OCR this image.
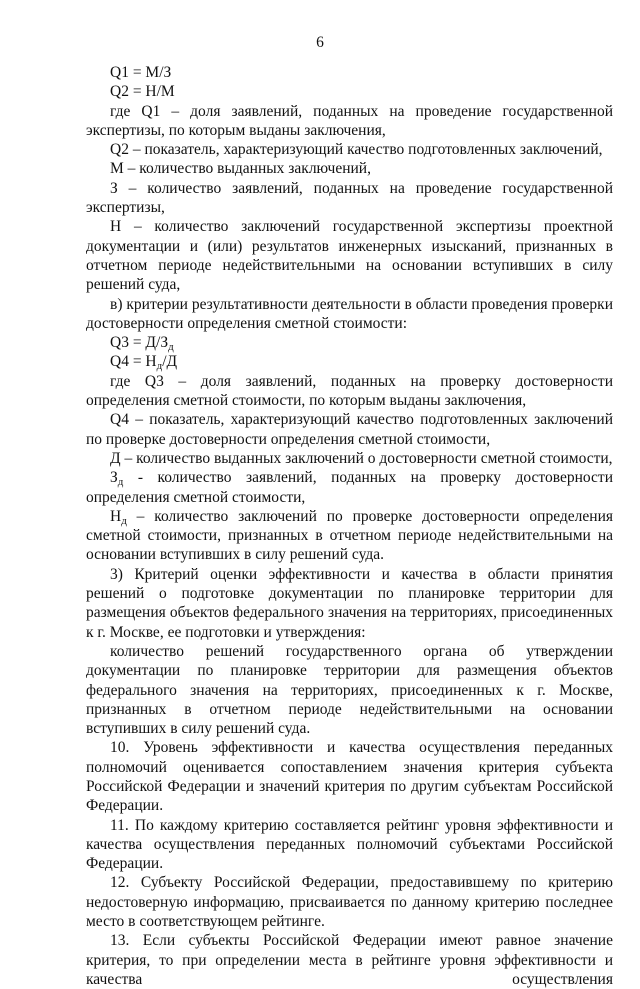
6

Q1 = М/З

Q2 = Н/М

где Q1 – доля заявлений, поданных на проведение государственной экспертизы, по которым выданы заключения,

Q2 – показатель, характеризующий качество подготовленных заключений,

М – количество выданных заключений,

З – количество заявлений, поданных на проведение государственной экспертизы,

Н – количество заключений государственной экспертизы проектной документации и (или) результатов инженерных изысканий, признанных в отчетном периоде недействительными на основании вступивших в силу решений суда,

в) критерии результативности деятельности в области проведения проверки достоверности определения сметной стоимости:

$Q3 = Д/З_д$

$Q4 = Н_д/Д$

где Q3 – доля заявлений, поданных на проверку достоверности определения сметной стоимости, по которым выданы заключения,

Q4 – показатель, характеризующий качество подготовленных заключений по проверке достоверности определения сметной стоимости,

Д – количество выданных заключений о достоверности сметной стоимости,

$З_д$ - количество заявлений, поданных на проверку достоверности определения сметной стоимости,

$Н_д$ – количество заключений по проверке достоверности определения сметной стоимости, признанных в отчетном периоде недействительными на основании вступивших в силу решений суда.

3) Критерий оценки эффективности и качества в области принятия решений о подготовке документации по планировке территории для размещения объектов федерального значения на территориях, присоединенных к г. Москве, ее подготовки и утверждения:

количество решений государственного органа об утверждении документации по планировке территории для размещения объектов федерального значения на территориях, присоединенных к г. Москве, признанных в отчетном периоде недействительными на основании вступивших в силу решений суда.

10. Уровень эффективности и качества осуществления переданных полномочий оценивается сопоставлением значения критерия субъекта Российской Федерации и значений критерия по другим субъектам Российской Федерации.

11. По каждому критерию составляется рейтинг уровня эффективности и качества осуществления переданных полномочий субъектами Российской Федерации.

12. Субъекту Российской Федерации, предоставившему по критерию недостоверную информацию, присваивается по данному критерию последнее место в соответствующем рейтинге.

13. Если субъекты Российской Федерации имеют равное значение критерия, то при определении места в рейтинге уровня эффективности и качества осуществления
